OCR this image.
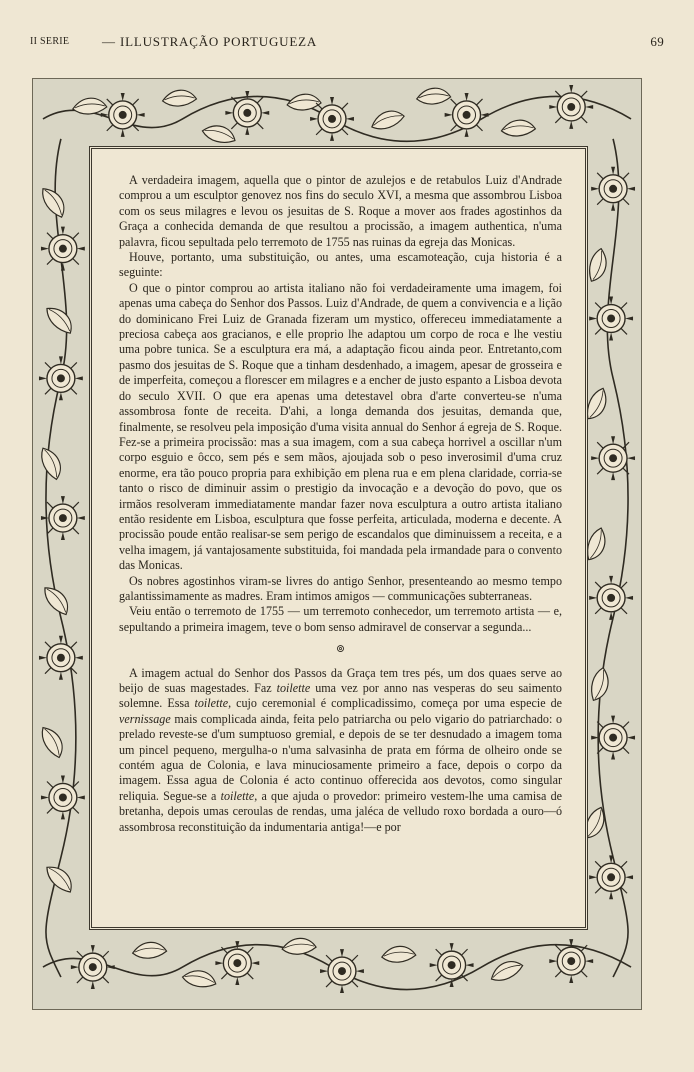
II SERIE	— ILLUSTRAÇÃO PORTUGUEZA	69

A verdadeira imagem, aquella que o pintor de azulejos e de retabulos Luiz d'Andrade comprou a um esculptor genovez nos fins do seculo XVI, a mesma que assombrou Lisboa com os seus milagres e levou os jesuitas de S. Roque a mover aos frades agostinhos da Graça a conhecida demanda de que resultou a procissão, a imagem authentica, n'uma palavra, ficou sepultada pelo terremoto de 1755 nas ruinas da egreja das Monicas.

Houve, portanto, uma substituição, ou antes, uma escamoteação, cuja historia é a seguinte:

O que o pintor comprou ao artista italiano não foi verdadeiramente uma imagem, foi apenas uma cabeça do Senhor dos Passos. Luiz d'Andrade, de quem a convivencia e a lição do dominicano Frei Luiz de Granada fizeram um mystico, offereceu immediatamente a preciosa cabeça aos gracianos, e elle proprio lhe adaptou um corpo de roca e lhe vestiu uma pobre tunica. Se a esculptura era má, a adaptação ficou ainda peor. Entretanto,com pasmo dos jesuitas de S. Roque que a tinham desdenhado, a imagem, apesar de grosseira e de imperfeita, começou a florescer em milagres e a encher de justo espanto a Lisboa devota do seculo XVII. O que era apenas uma detestavel obra d'arte converteu-se n'uma assombrosa fonte de receita. D'ahi, a longa demanda dos jesuitas, demanda que, finalmente, se resolveu pela imposição d'uma visita annual do Senhor á egreja de S. Roque. Fez-se a primeira procissão: mas a sua imagem, com a sua cabeça horrivel a oscillar n'um corpo esguio e ôcco, sem pés e sem mãos, ajoujada sob o peso inverosimil d'uma cruz enorme, era tão pouco propria para exhibição em plena rua e em plena claridade, corria-se tanto o risco de diminuir assim o prestigio da invocação e a devoção do povo, que os irmãos resolveram immediatamente mandar fazer nova esculptura a outro artista italiano então residente em Lisboa, esculptura que fosse perfeita, articulada, moderna e decente. A procissão poude então realisar-se sem perigo de escandalos que diminuissem a receita, e a velha imagem, já vantajosamente substituida, foi mandada pela irmandade para o convento das Monicas.

Os nobres agostinhos viram-se livres do antigo Senhor, presenteando ao mesmo tempo galantissimamente as madres. Eram intimos amigos — communicações subterraneas.

Veiu então o terremoto de 1755 — um terremoto conhecedor, um terremoto artista — e, sepultando a primeira imagem, teve o bom senso admiravel de conservar a segunda...

⊚

A imagem actual do Senhor dos Passos da Graça tem tres pés, um dos quaes serve ao beijo de suas magestades. Faz toilette uma vez por anno nas vesperas do seu saimento solemne. Essa toilette, cujo ceremonial é complicadissimo, começa por uma especie de vernissage mais complicada ainda, feita pelo patriarcha ou pelo vigario do patriarchado: o prelado reveste-se d'um sumptuoso gremial, e depois de se ter desnudado a imagem toma um pincel pequeno, mergulha-o n'uma salvasinha de prata em fórma de olheiro onde se contém agua de Colonia, e lava minuciosamente primeiro a face, depois o corpo da imagem. Essa agua de Colonia é acto continuo offerecida aos devotos, como singular reliquia. Segue-se a toilette, a que ajuda o provedor: primeiro vestem-lhe uma camisa de bretanha, depois umas ceroulas de rendas, uma jaléca de velludo roxo bordada a ouro—ó assombrosa reconstituição da indumentaria antiga!—e por
